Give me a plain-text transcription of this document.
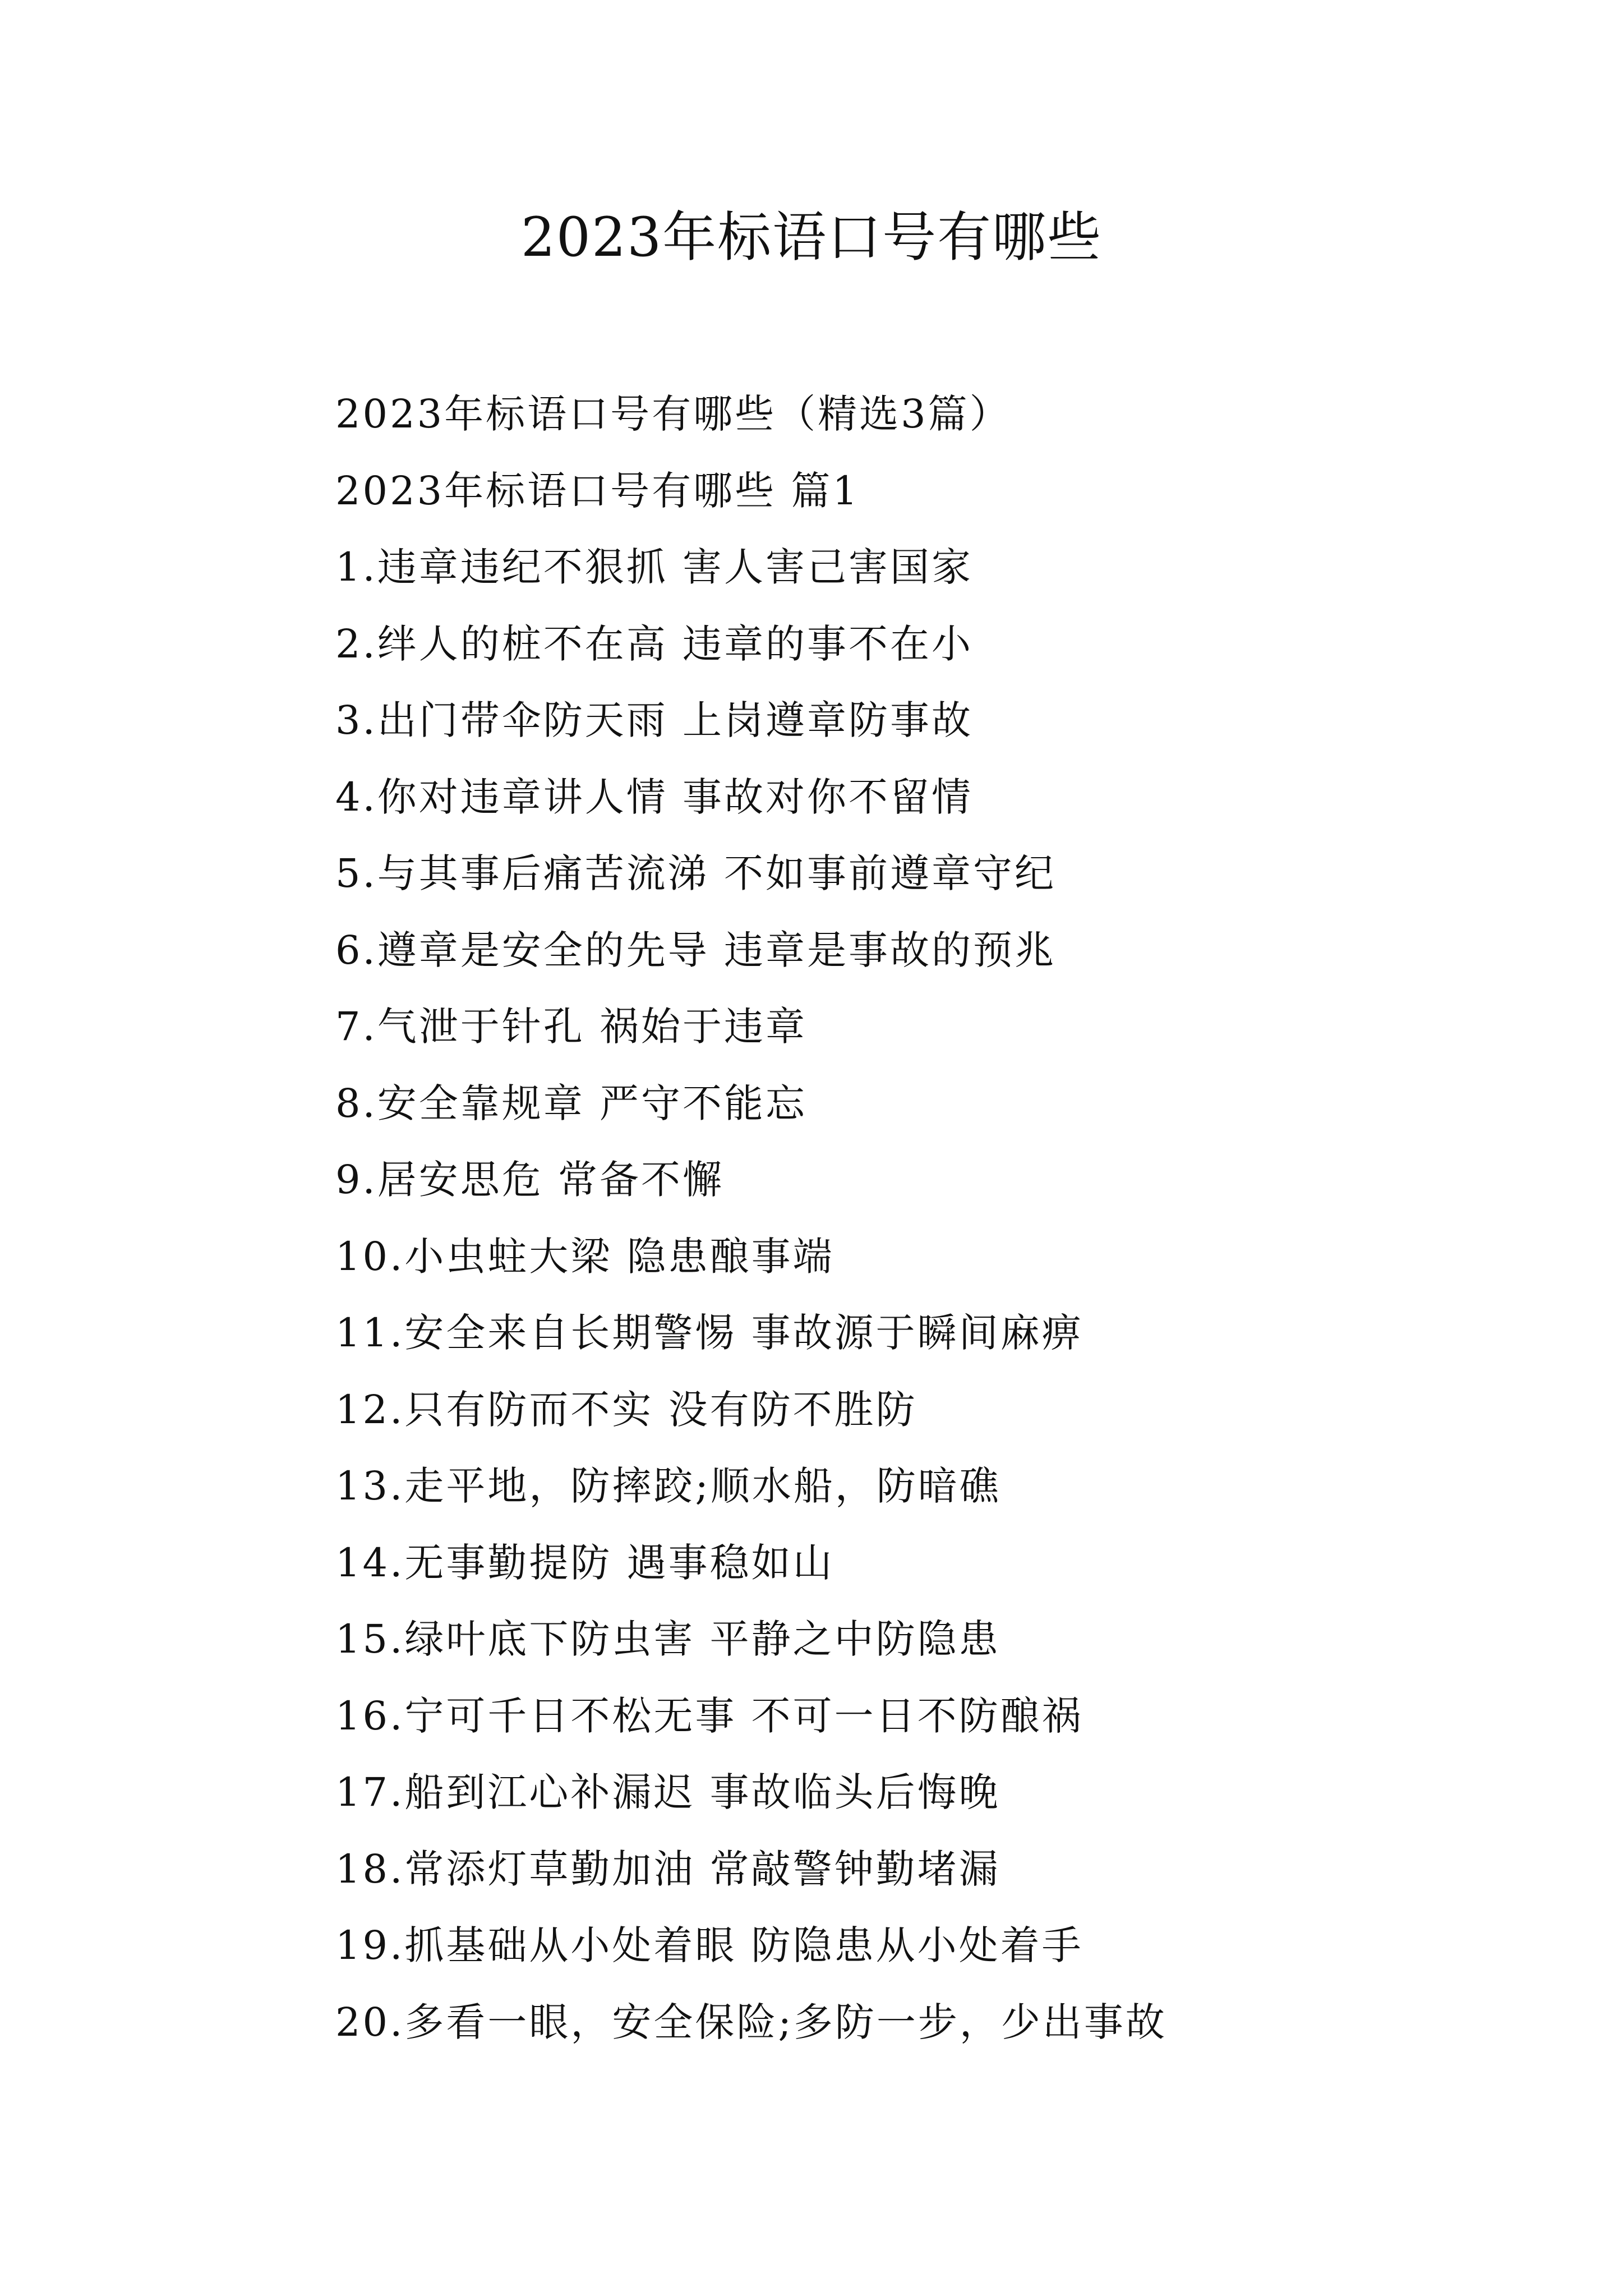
2023年标语口号有哪些
2023年标语口号有哪些（精选3篇）
2023年标语口号有哪些 篇1
1.违章违纪不狠抓 害人害己害国家
2.绊人的桩不在高 违章的事不在小
3.出门带伞防天雨 上岗遵章防事故
4.你对违章讲人情 事故对你不留情
5.与其事后痛苦流涕 不如事前遵章守纪
6.遵章是安全的先导 违章是事故的预兆
7.气泄于针孔 祸始于违章
8.安全靠规章 严守不能忘
9.居安思危 常备不懈
10.小虫蛀大梁 隐患酿事端
11.安全来自长期警惕 事故源于瞬间麻痹
12.只有防而不实 没有防不胜防
13.走平地，防摔跤;顺水船，防暗礁
14.无事勤提防 遇事稳如山
15.绿叶底下防虫害 平静之中防隐患
16.宁可千日不松无事 不可一日不防酿祸
17.船到江心补漏迟 事故临头后悔晚
18.常添灯草勤加油 常敲警钟勤堵漏
19.抓基础从小处着眼 防隐患从小处着手
20.多看一眼，安全保险;多防一步，少出事故
